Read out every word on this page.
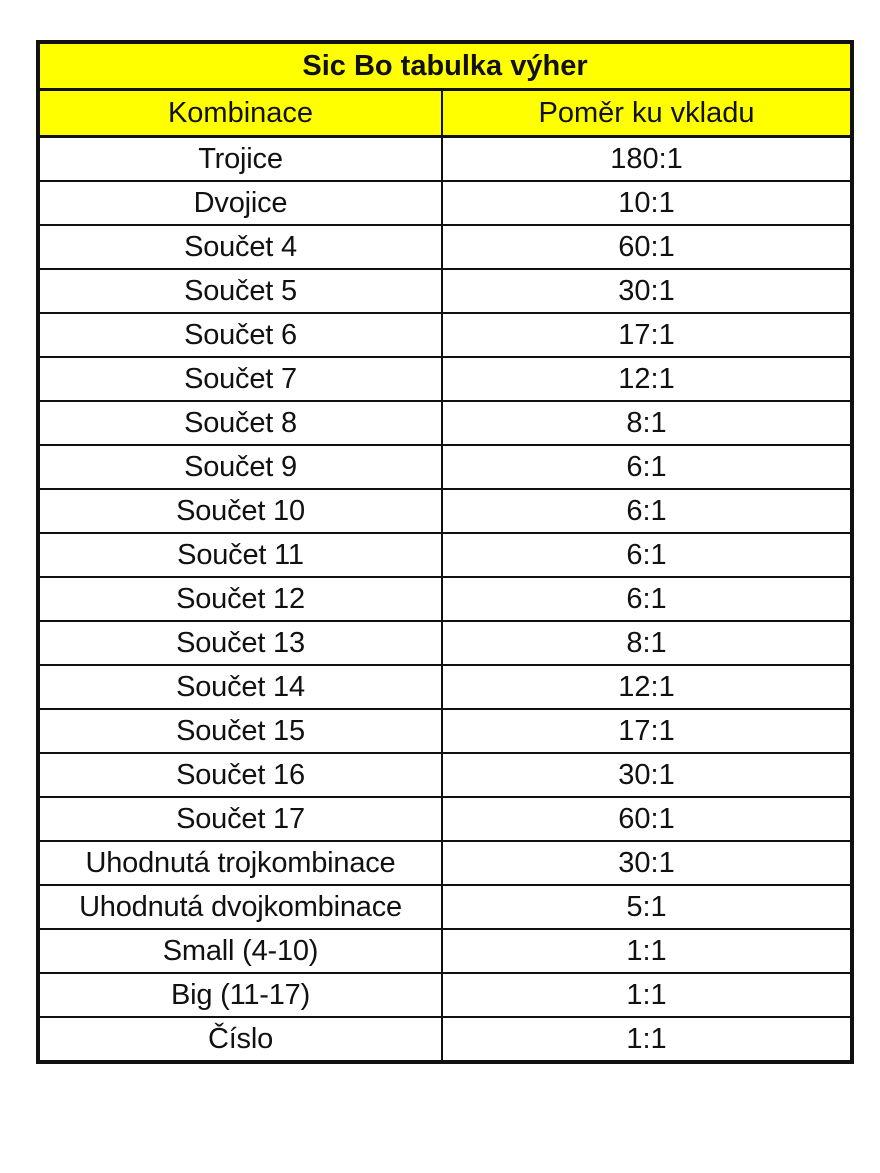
Sic Bo tabulka výher	
Kombinace	Poměr ku vkladu
Trojice	180:1
Dvojice	10:1
Součet 4	60:1
Součet 5	30:1
Součet 6	17:1
Součet 7	12:1
Součet 8	8:1
Součet 9	6:1
Součet 10	6:1
Součet 11	6:1
Součet 12	6:1
Součet 13	8:1
Součet 14	12:1
Součet 15	17:1
Součet 16	30:1
Součet 17	60:1
Uhodnutá trojkombinace	30:1
Uhodnutá dvojkombinace	5:1
Small (4-10)	1:1
Big (11-17)	1:1
Číslo	1:1
